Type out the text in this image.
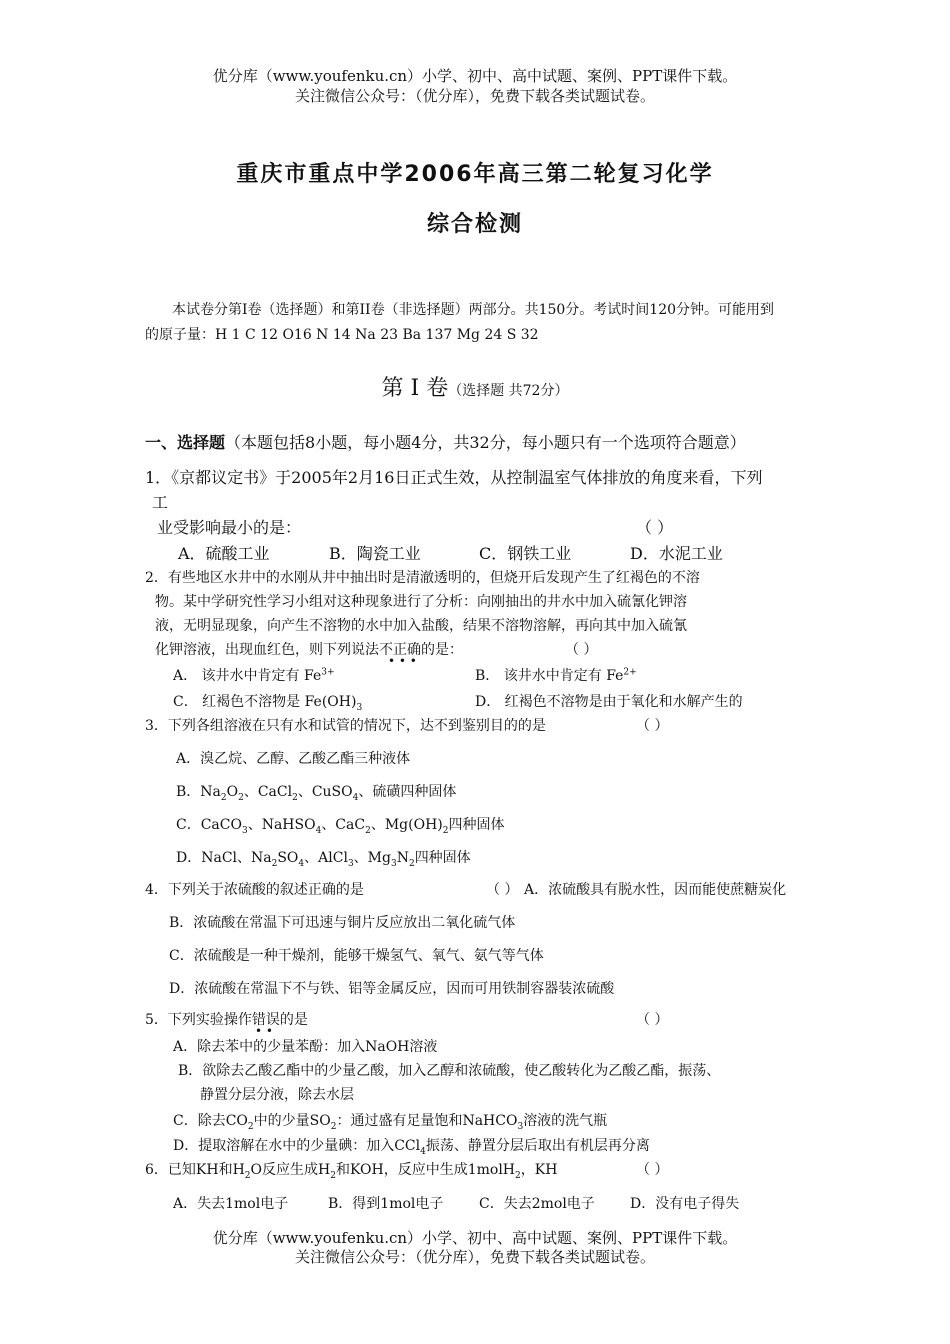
优分库（www.youfenku.cn）小学、初中、高中试题、案例、PPT课件下载。
关注微信公众号：（优分库），免费下载各类试题试卷。
重庆市重点中学2006年高三第二轮复习化学
综合检测
本试卷分第Ⅰ卷（选择题）和第II卷（非选择题）两部分。共150分。考试时间120分钟。可能用到
的原子量：H 1 C 12 O16 N 14 Na 23 Ba 137 Mg 24 S 32
第 Ⅰ 卷（选择题 共72分）
一、选择题（本题包括8小题，每小题4分，共32分，每小题只有一个选项符合题意）
1．《京都议定书》于2005年2月16日正式生效，从控制温室气体排放的角度来看，下列
工
业受影响最小的是：	（ ）
A．硫酸工业	B．陶瓷工业	C．钢铁工业	D．水泥工业
2．有些地区水井中的水刚从井中抽出时是清澈透明的，但烧开后发现产生了红褐色的不溶
物。某中学研究性学习小组对这种现象进行了分析：向刚抽出的井水中加入硫氰化钾溶
液，无明显现象，向产生不溶物的水中加入盐酸，结果不溶物溶解，再向其中加入硫氰
化钾溶液，出现血红色，则下列说法不正确的是：	（ ）
• • •
A． 该井水中肯定有 $Fe^{3+}$	B． 该井水中肯定有 $Fe^{2+}$
C． 红褐色不溶物是 $Fe(OH)_3$	D． 红褐色不溶物是由于氧化和水解产生的
3．下列各组溶液在只有水和试管的情况下，达不到鉴别目的的是	（ ）
A．溴乙烷、乙醇、乙酸乙酯三种液体
B．$Na_2O_2$、CaCl$_2$、CuSO$_4$、硫磺四种固体
C．CaCO$_3$、NaHSO$_4$、CaC$_2$、$Mg(OH)_2$四种固体
D．NaCl、$Na_2SO_4$、AlCl$_3$、$Mg_3N_2$四种固体
4．下列关于浓硫酸的叙述正确的是	（ ） A．浓硫酸具有脱水性，因而能使蔗糖炭化
B．浓硫酸在常温下可迅速与铜片反应放出二氧化硫气体
C．浓硫酸是一种干燥剂，能够干燥氢气、氧气、氨气等气体
D．浓硫酸在常温下不与铁、铝等金属反应，因而可用铁制容器装浓硫酸
5．下列实验操作错误的是	（ ）
• •
A．除去苯中的少量苯酚：加入NaOH溶液
B．欲除去乙酸乙酯中的少量乙酸，加入乙醇和浓硫酸，使乙酸转化为乙酸乙酯，振荡、
静置分层分液，除去水层
C．除去$CO_2$中的少量$SO_2$：通过盛有足量饱和NaHCO$_3$溶液的洗气瓶
D．提取溶解在水中的少量碘：加入CCl$_4$振荡、静置分层后取出有机层再分离
6．已知KH和$H_2O$反应生成$H_2$和KOH，反应中生成1molH$_2$，KH	（ ）
A．失去1mol电子	B．得到1mol电子	C．失去2mol电子	D．没有电子得失
优分库（www.youfenku.cn）小学、初中、高中试题、案例、PPT课件下载。
关注微信公众号：（优分库），免费下载各类试题试卷。
